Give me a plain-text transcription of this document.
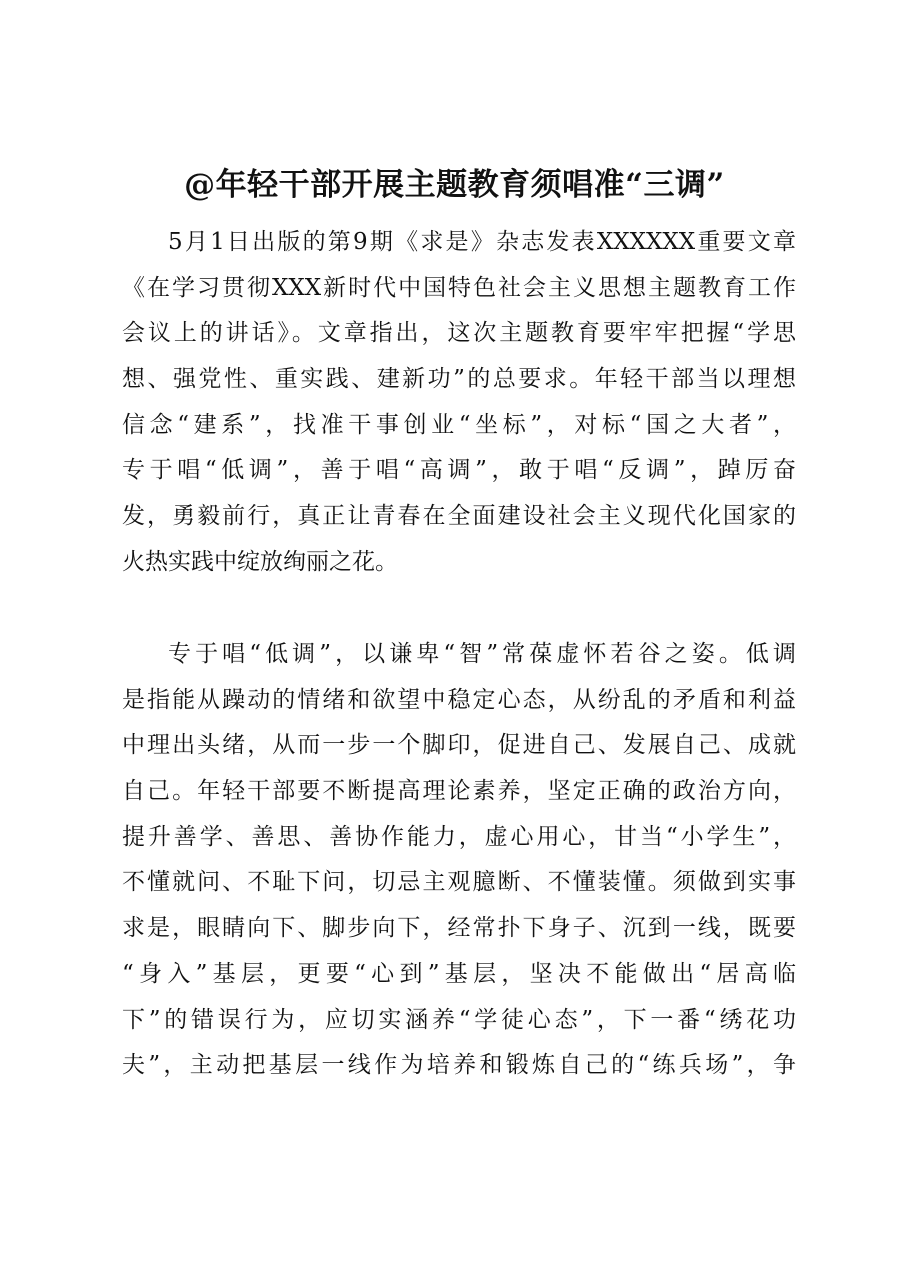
@年轻干部开展主题教育须唱准“三调”
5月1日出版的第9期《求是》杂志发表XXXXXX重要文章
《在学习贯彻XXX新时代中国特色社会主义思想主题教育工作
会议上的讲话》。文章指出，这次主题教育要牢牢把握“学思
想、强党性、重实践、建新功”的总要求。年轻干部当以理想
信念“建系”，找准干事创业“坐标”，对标“国之大者”，
专于唱“低调”，善于唱“高调”，敢于唱“反调”，踔厉奋
发，勇毅前行，真正让青春在全面建设社会主义现代化国家的
火热实践中绽放绚丽之花。
专于唱“低调”，以谦卑“智”常葆虚怀若谷之姿。低调
是指能从躁动的情绪和欲望中稳定心态，从纷乱的矛盾和利益
中理出头绪，从而一步一个脚印，促进自己、发展自己、成就
自己。年轻干部要不断提高理论素养，坚定正确的政治方向，
提升善学、善思、善协作能力，虚心用心，甘当“小学生”，
不懂就问、不耻下问，切忌主观臆断、不懂装懂。须做到实事
求是，眼睛向下、脚步向下，经常扑下身子、沉到一线，既要
“身入”基层，更要“心到”基层，坚决不能做出“居高临
下”的错误行为，应切实涵养“学徒心态”，下一番“绣花功
夫”，主动把基层一线作为培养和锻炼自己的“练兵场”，争
